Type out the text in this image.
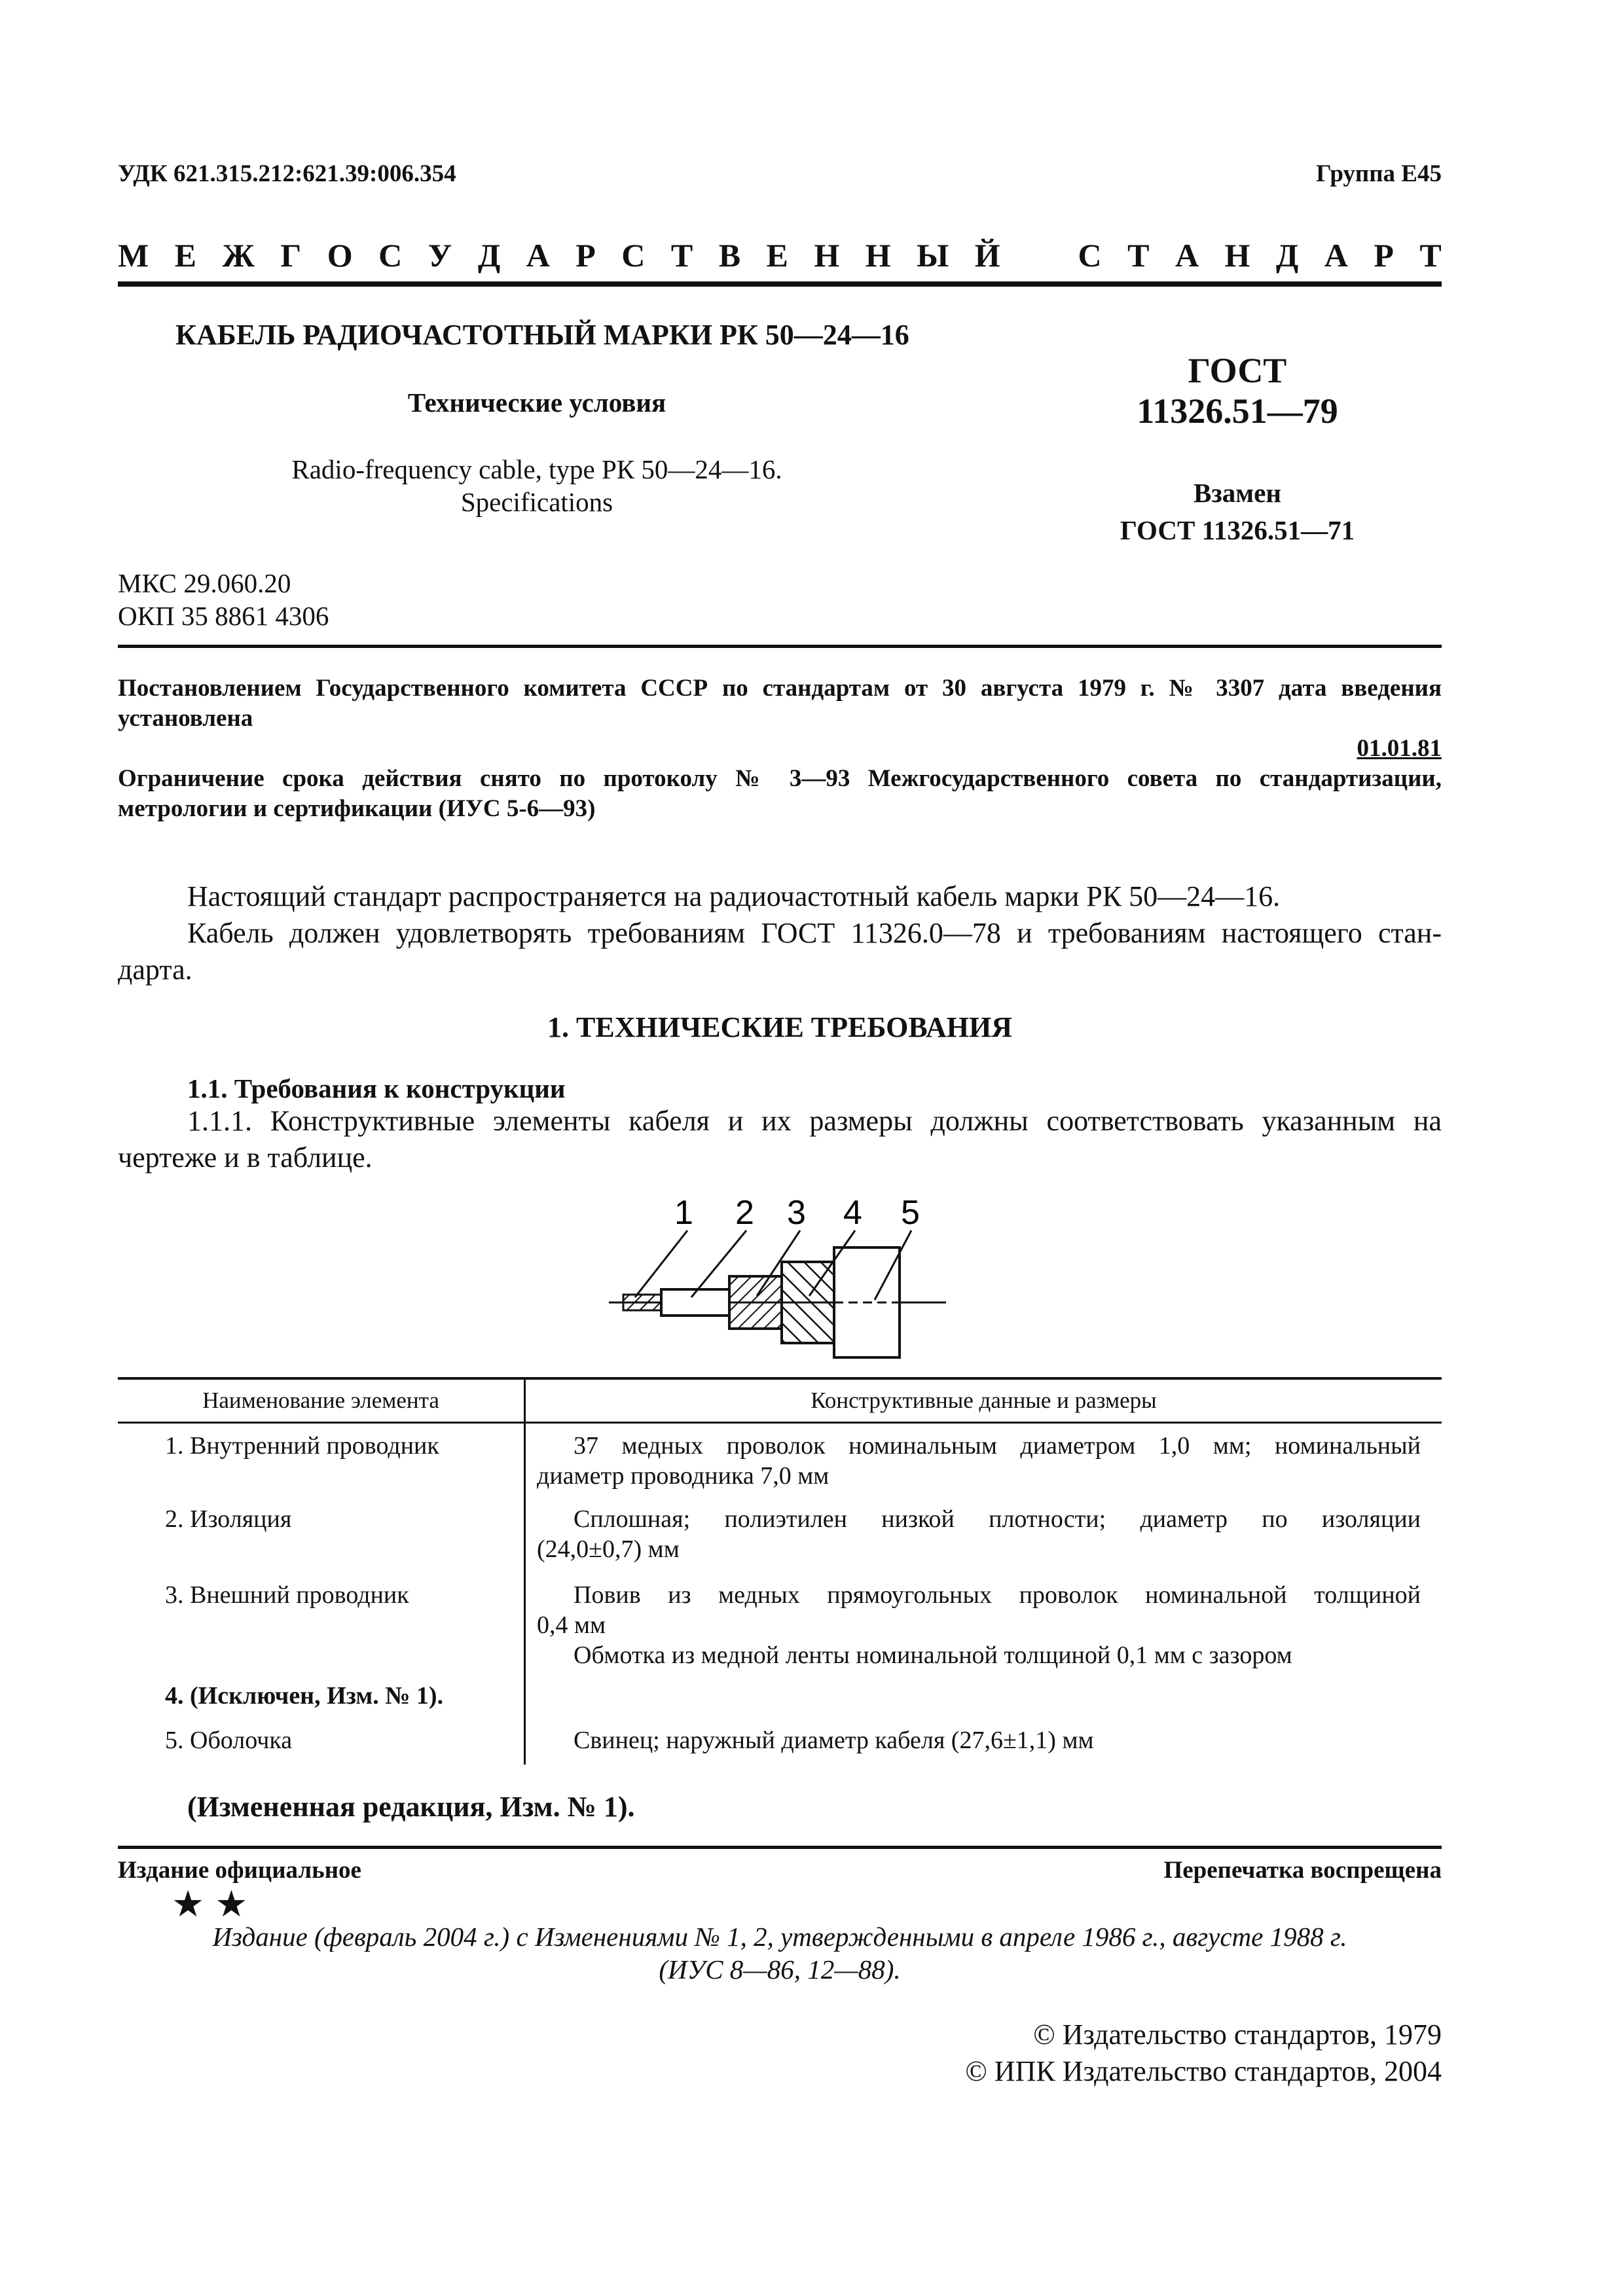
УДК 621.315.212:621.39:006.354	Группа Е45
М Е Ж Г О С У Д А Р С Т В Е Н Н Ы Й С Т А Н Д А Р Т
КАБЕЛЬ РАДИОЧАСТОТНЫЙ МАРКИ РК 50—24—16
Технические условия
Radio-frequency cable, type РК 50—24—16.
Specifications
ГОСТ
11326.51—79
Взамен
ГОСТ 11326.51—71
МКС 29.060.20
ОКП 35 8861 4306
Постановлением Государственного комитета СССР по стандартам от 30 августа 1979 г. № 3307 дата введения
установлена
01.01.81
Ограничение срока действия снято по протоколу № 3—93 Межгосударственного совета по стандартизации,
метрологии и сертификации (ИУС 5-6—93)
Настоящий стандарт распространяется на радиочастотный кабель марки РК 50—24—16.
Кабель должен удовлетворять требованиям ГОСТ 11326.0—78 и требованиям настоящего стан-
дарта.
1. ТЕХНИЧЕСКИЕ ТРЕБОВАНИЯ
1.1. Требования к конструкции
1.1.1. Конструктивные элементы кабеля и их размеры должны соответствовать указанным на
чертеже и в таблице.
1 2 3 4 5
Наименование элемента	Конструктивные данные и размеры
1. Внутренний проводник	37 медных проволок номинальным диаметром 1,0 мм; номинальный
диаметр проводника 7,0 мм
2. Изоляция	Сплошная; полиэтилен низкой плотности; диаметр по изоляции
(24,0±0,7) мм
3. Внешний проводник	Повив из медных прямоугольных проволок номинальной толщиной
0,4 мм
Обмотка из медной ленты номинальной толщиной 0,1 мм с зазором
4. (Исключен, Изм. № 1).
5. Оболочка	Свинец; наружный диаметр кабеля (27,6±1,1) мм
(Измененная редакция, Изм. № 1).
Издание официальное	Перепечатка воспрещена
★★
Издание (февраль 2004 г.) с Изменениями № 1, 2, утвержденными в апреле 1986 г., августе 1988 г.
(ИУС 8—86, 12—88).
© Издательство стандартов, 1979
© ИПК Издательство стандартов, 2004
